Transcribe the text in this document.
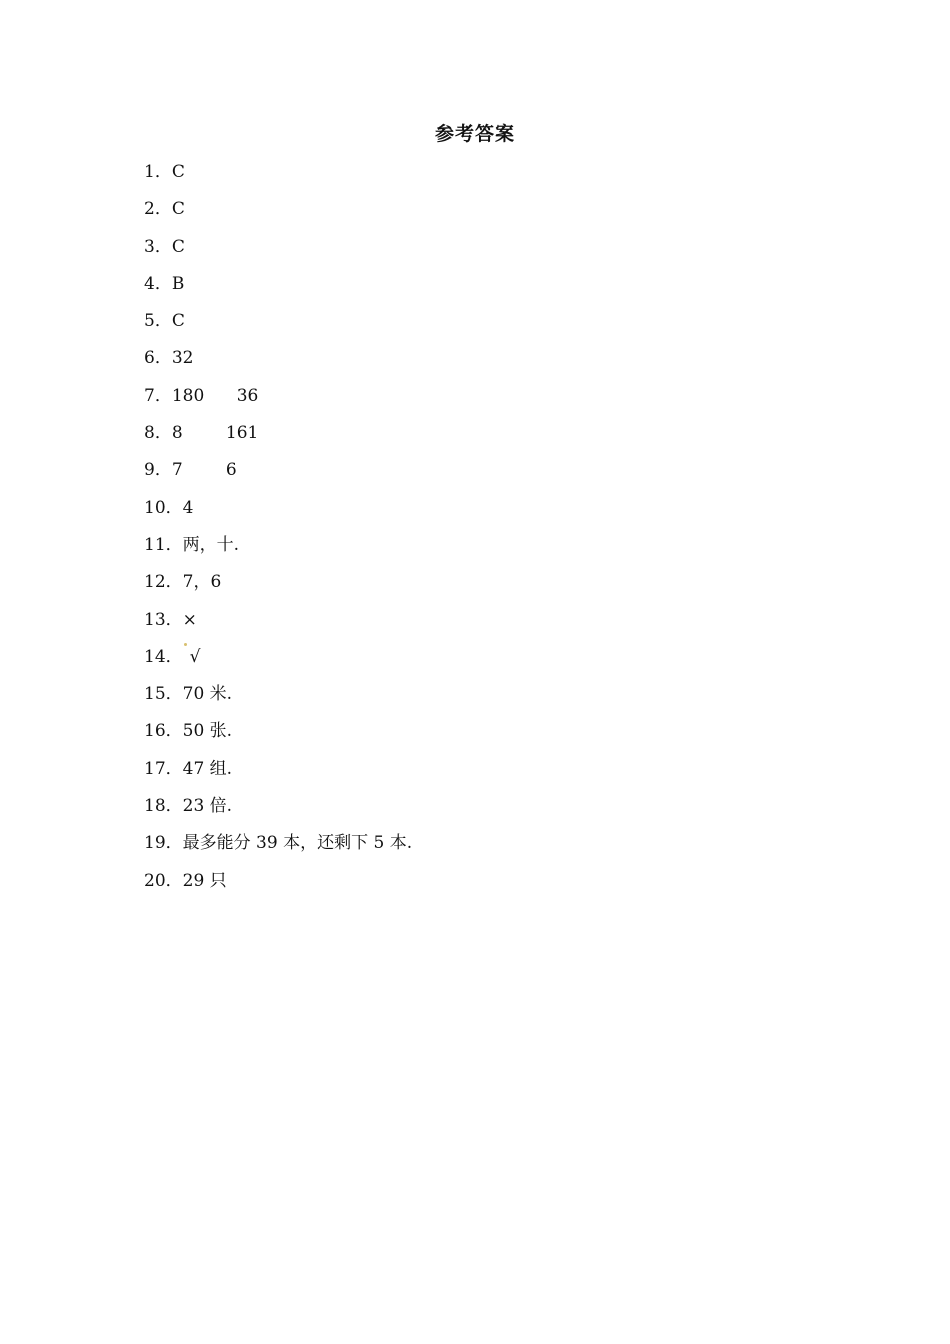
参考答案
1． C
2． C
3． C
4． B
5． C
6． 32
7． 180      36
8． 8        161
9． 7        6
10． 4
11． 两，十.
12． 7，6
13． ×
14． √
15． 70 米.
16． 50 张.
17． 47 组.
18． 23 倍.
19． 最多能分 39 本，还剩下 5 本.
20． 29 只
